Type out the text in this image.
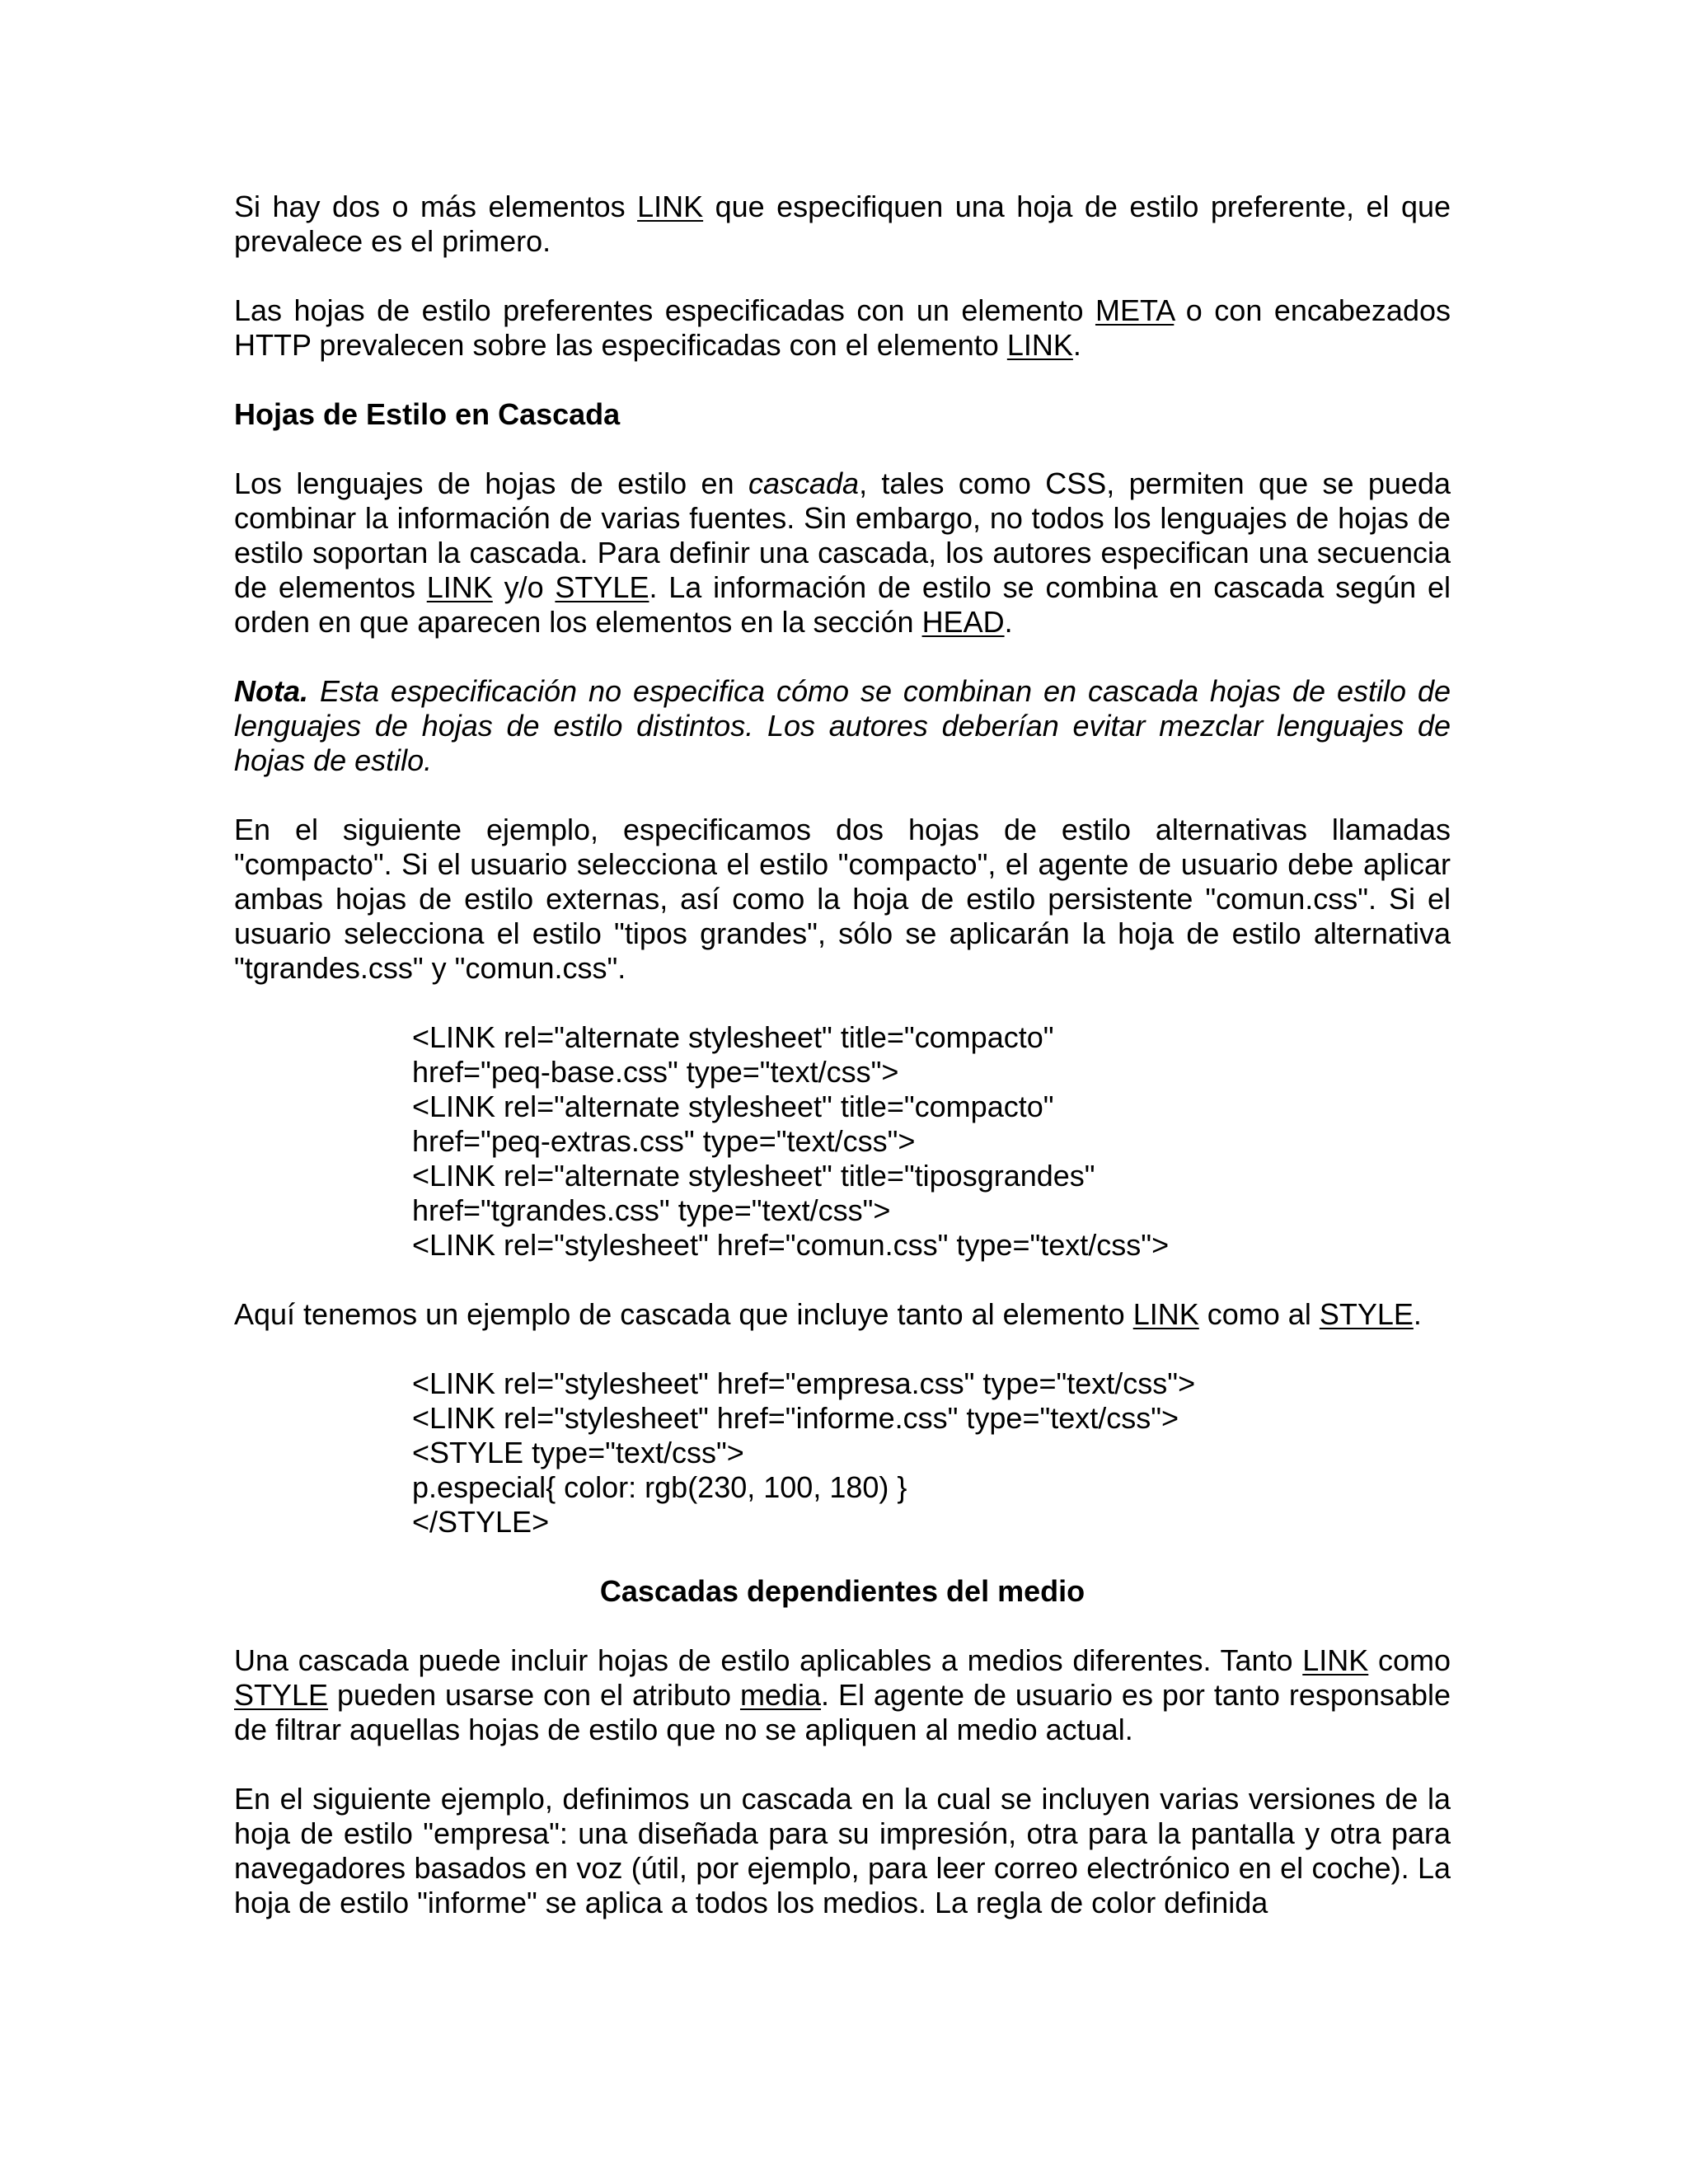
Si hay dos o más elementos LINK que especifiquen una hoja de estilo preferente, el que prevalece es el primero.

Las hojas de estilo preferentes especificadas con un elemento META o con encabezados HTTP prevalecen sobre las especificadas con el elemento LINK.

Hojas de Estilo en Cascada

Los lenguajes de hojas de estilo en cascada, tales como CSS, permiten que se pueda combinar la información de varias fuentes. Sin embargo, no todos los lenguajes de hojas de estilo soportan la cascada. Para definir una cascada, los autores especifican una secuencia de elementos LINK y/o STYLE. La información de estilo se combina en cascada según el orden en que aparecen los elementos en la sección HEAD.

Nota. Esta especificación no especifica cómo se combinan en cascada hojas de estilo de lenguajes de hojas de estilo distintos. Los autores deberían evitar mezclar lenguajes de hojas de estilo.

En el siguiente ejemplo, especificamos dos hojas de estilo alternativas llamadas "compacto". Si el usuario selecciona el estilo "compacto", el agente de usuario debe aplicar ambas hojas de estilo externas, así como la hoja de estilo persistente "comun.css". Si el usuario selecciona el estilo "tipos grandes", sólo se aplicarán la hoja de estilo alternativa "tgrandes.css" y "comun.css".

<LINK rel="alternate stylesheet" title="compacto"
href="peq-base.css" type="text/css">
<LINK rel="alternate stylesheet" title="compacto"
href="peq-extras.css" type="text/css">
<LINK rel="alternate stylesheet" title="tiposgrandes"
href="tgrandes.css" type="text/css">
<LINK rel="stylesheet" href="comun.css" type="text/css">

Aquí tenemos un ejemplo de cascada que incluye tanto al elemento LINK como al STYLE.

<LINK rel="stylesheet" href="empresa.css" type="text/css">
<LINK rel="stylesheet" href="informe.css" type="text/css">
<STYLE type="text/css">
p.especial{ color: rgb(230, 100, 180) }
</STYLE>
Cascadas dependientes del medio

Una cascada puede incluir hojas de estilo aplicables a medios diferentes. Tanto LINK como STYLE pueden usarse con el atributo media. El agente de usuario es por tanto responsable de filtrar aquellas hojas de estilo que no se apliquen al medio actual.

En el siguiente ejemplo, definimos un cascada en la cual se incluyen varias versiones de la hoja de estilo "empresa": una diseñada para su impresión, otra para la pantalla y otra para navegadores basados en voz (útil, por ejemplo, para leer correo electrónico en el coche). La hoja de estilo "informe" se aplica a todos los medios. La regla de color definida
